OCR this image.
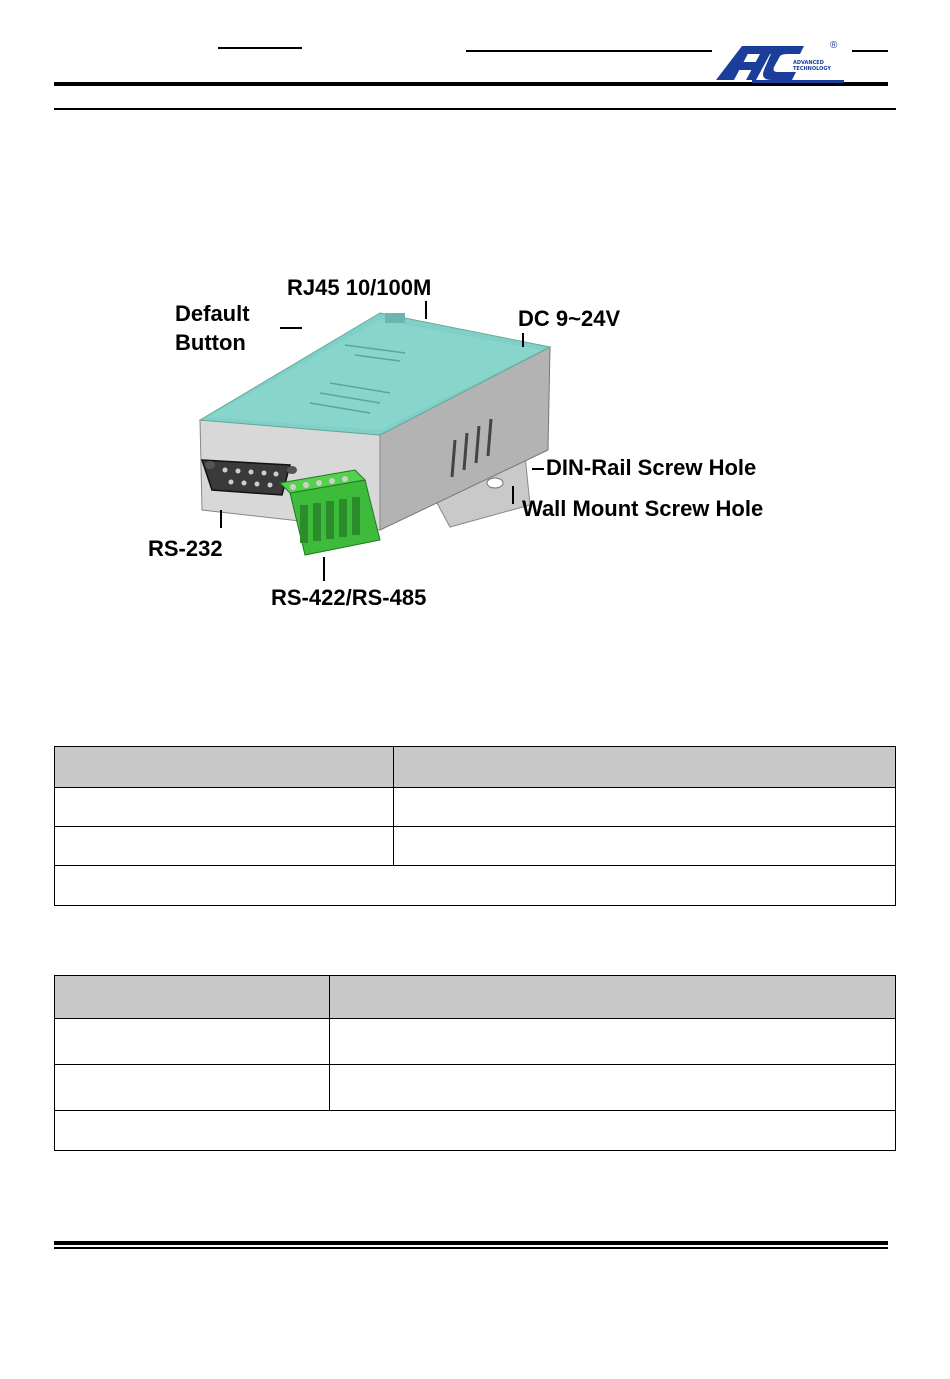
ADVANCED
TECHNOLOGY
®
RJ45 10/100M
Default
Button
DC 9~24V
DIN-Rail Screw Hole
Wall Mount Screw Hole
RS-232
RS-422/RS-485
